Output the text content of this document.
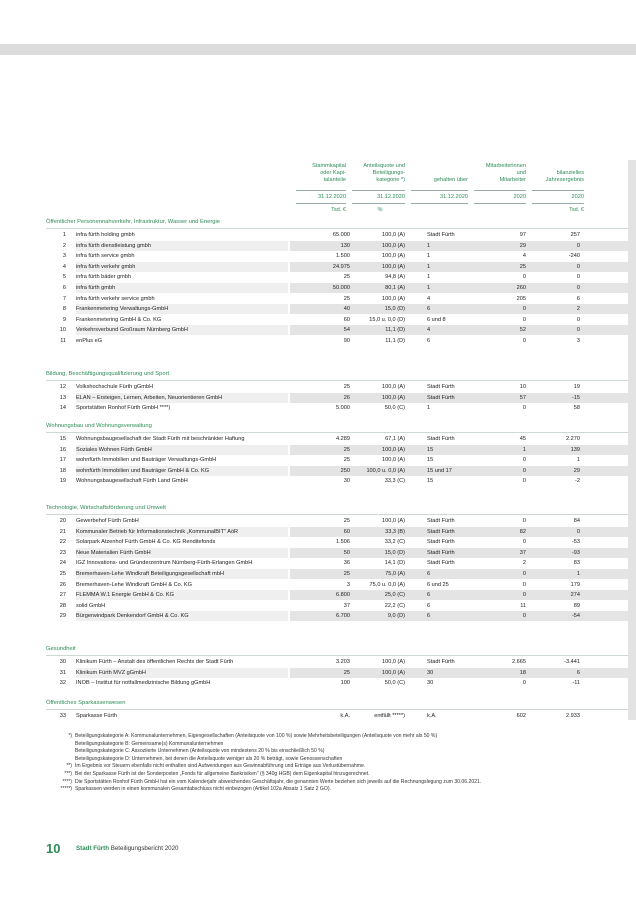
Stammkapital
oder Kapi-
talanteile
Anteilsquote und
Beteiligungs-
kategorie *)	gehalten über
Mitarbeiterinnen
und
Mitarbeiter
bilanzielles
Jahresergebnis
31.12.2020	31.12.2020	31.12.2020	2020	2020
Tsd. €	%	Tsd. €
Öffentlicher Personennahverkehr, Infrastruktur, Wasser und Energie
1 infra fürth holding gmbh	65.000	100,0 (A)	Stadt Fürth	97	257
2 infra fürth dienstleistung gmbh	130	100,0 (A)	1	29	0
3 infra fürth service gmbh	1.500	100,0 (A)	1	4	-240
4 infra fürth verkehr gmbh	24.975	100,0 (A)	1	25	0
5 infra fürth bäder gmbh	25	94,8 (A)	1	0	0
6 infra fürth gmbh	50.000	80,1 (A)	1	260	0
7 infra fürth verkehr service gmbh	25	100,0 (A)	4	205	6
8 Frankenmetering Verwaltungs-GmbH	40	15,0 (D)	6	0	2
9 Frankenmetering GmbH & Co. KG	60	15,0 u. 0,0 (D)	6 und 8	0	0
10 Verkehrsverbund Großraum Nürnberg GmbH	54	11,1 (D)	4	52	0
11 enPlus eG	90	11,1 (D)	6	0	3
Bildung, Beschäftigungsqualifizierung und Sport
12 Volkshochschule Fürth gGmbH	25	100,0 (A)	Stadt Fürth	10	19
13 ELAN – Ersteigen, Lernen, Arbeiten, Neuorientieren GmbH	26	100,0 (A)	Stadt Fürth	57	-15
14 Sportstätten Ronhof Fürth GmbH ****)	5.000	50,0 (C)	1	0	58
Wohnungsbau und Wohnungsverwaltung
15 Wohnungsbaugesellschaft der Stadt Fürth mit beschränkter Haftung	4.289	67,1 (A)	Stadt Fürth	45	2.270
16 Soziales Wohnen Fürth GmbH	25	100,0 (A)	15	1	139
17 wohnfürth Immobilien und Bauträger Verwaltungs-GmbH	25	100,0 (A)	15	0	1
18 wohnfürth Immobilien und Bauträger GmbH & Co. KG	250	100,0 u. 0,0 (A)	15 und 17	0	29
19 Wohnungsbaugesellschaft Fürth Land GmbH	30	33,3 (C)	15	0	-2
Technologie, Wirtschaftsförderung und Umwelt
20 Gewerbehof Fürth GmbH	25	100,0 (A)	Stadt Fürth	0	84
21 Kommunaler Betrieb für Informationstechnik „KommunalBIT" AöR	60	33,3 (B)	Stadt Fürth	82	0
22 Solarpark Atzenhof Fürth GmbH & Co. KG Renditefonds	1.506	33,2 (C)	Stadt Fürth	0	-53
23 Neue Materialien Fürth GmbH	50	15,0 (D)	Stadt Fürth	37	-93
24 IGZ Innovations- und Gründerzentrum Nürnberg-Fürth-Erlangen GmbH	36	14,1 (D)	Stadt Fürth	2	83
25 Bremerhaven-Lehe Windkraft Beteiligungsgesellschaft mbH	25	75,0 (A)	6	0	1
26 Bremerhaven-Lehe Windkraft GmbH & Co. KG	3	75,0 u. 0,0 (A)	6 und 25	0	179
27 FLEMMA W.1 Energie GmbH & Co. KG	6.800	25,0 (C)	6	0	274
28 solid GmbH	37	22,2 (C)	6	11	89
29 Bürgerwindpark Denkendorf GmbH & Co. KG	6.700	9,0 (D)	6	0	-54
Gesundheit
30 Klinikum Fürth – Anstalt des öffentlichen Rechts der Stadt Fürth	3.203	100,0 (A)	Stadt Fürth	2.665	-3.441
31 Klinikum Fürth MVZ gGmbH	25	100,0 (A)	30	18	6
32 INOB – Institut für notfallmedizinische Bildung gGmbH	100	50,0 (C)	30	0	-11
Öffentliches Sparkassenwesen
33 Sparkasse Fürth	k.A.	entfällt *****)	k.A.	602	2.933
*) Beteiligungskategorie A: Kommunalunternehmen, Eigengesellschaften (Anteilsquote von 100 %) sowie Mehrheitsbeteiligungen (Anteilsquote von mehr als 50 %)
Beteiligungskategorie B: Gemeinsame(s) Kommunalunternehmen
Beteiligungskategorie C: Assoziierte Unternehmen (Anteilsquote von mindestens 20 % bis einschließlich 50 %)
Beteiligungskategorie D: Unternehmen, bei denen die Anteilsquote weniger als 20 % beträgt, sowie Genossenschaften
**) Im Ergebnis vor Steuern ebenfalls nicht enthalten sind Aufwendungen aus Gewinnabführung und Erträge aus Verlustübernahme.
***) Bei der Sparkasse Fürth ist der Sonderposten „Fonds für allgemeine Bankrisiken" (§ 340g HGB) dem Eigenkapital hinzugerechnet.
****) Die Sportstätten Ronhof Fürth GmbH hat ein vom Kalenderjahr abweichendes Geschäftsjahr, die genannten Werte beziehen sich jeweils auf die Rechnungslegung zum 30.06.2021.
*****) Sparkassen werden in einen kommunalen Gesamtabschluss nicht einbezogen (Artikel 102a Absatz 1 Satz 2 GO).
10	Stadt Fürth Beteiligungsbericht 2020
